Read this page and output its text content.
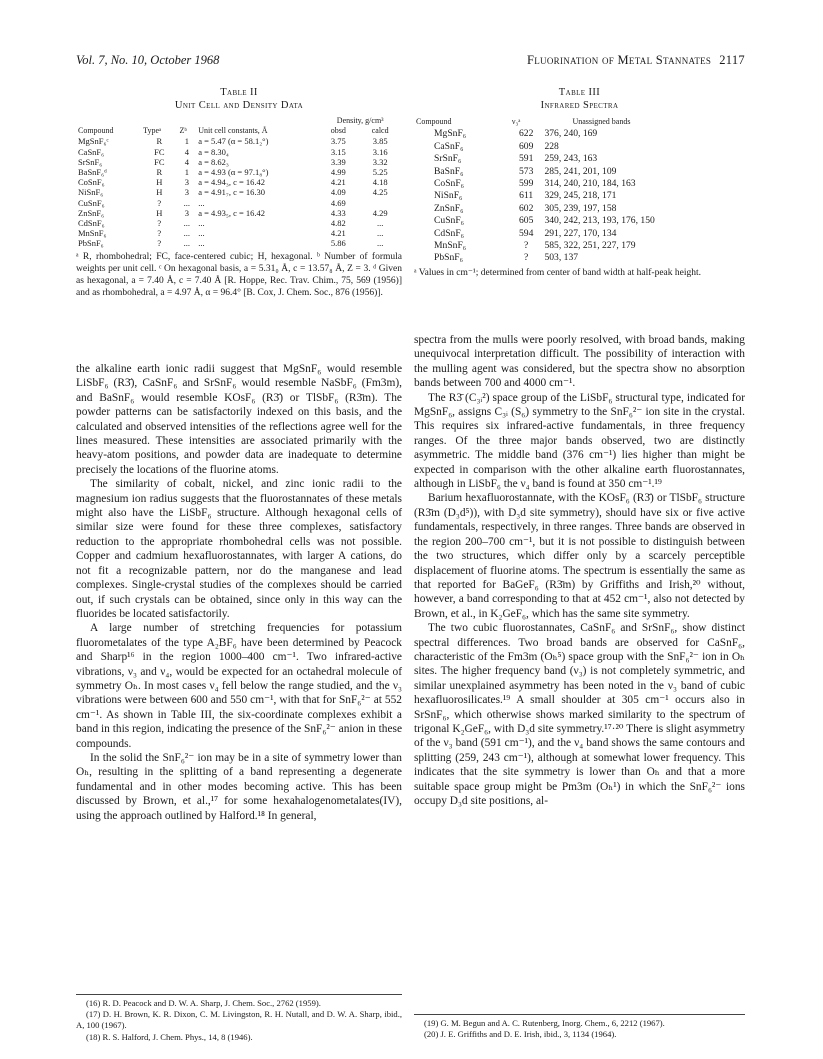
Vol. 7, No. 10, October 1968	Fluorination of Metal Stannates 2117
Table II
Unit Cell and Density Data
				Density, g/cm³	
Compound	Typeᵃ	Zᵇ	Unit cell constants, Å	obsd	calcd
MgSnF₆ᶜ	R	1	a = 5.47 (α = 58.1₂°)	3.75	3.85
CaSnF₆	FC	4	a = 8.30₄	3.15	3.16
SrSnF₆	FC	4	a = 8.62₃	3.39	3.32
BaSnF₆ᵈ	R	1	a = 4.93 (α = 97.1₈°)	4.99	5.25
CoSnF₆	H	3	a = 4.94₃, c = 16.42	4.21	4.18
NiSnF₆	H	3	a = 4.91₇, c = 16.30	4.09	4.25
CuSnF₆	?	...	...	4.69	
ZnSnF₆	H	3	a = 4.93₅, c = 16.42	4.33	4.29
CdSnF₆	?	...	...	4.82	...
MnSnF₆	?	...	...	4.21	...
PbSnF₆	?	...	...	5.86	...
ᵃ R, rhombohedral; FC, face-centered cubic; H, hexagonal. ᵇ Number of formula weights per unit cell. ᶜ On hexagonal basis, a = 5.31₀ Å, c = 13.57₈ Å, Z = 3. ᵈ Given as hexagonal, a = 7.40 Å, c = 7.40 Å [R. Hoppe, Rec. Trav. Chim., 75, 569 (1956)] and as rhombohedral, a = 4.97 Å, α = 96.4° [B. Cox, J. Chem. Soc., 876 (1956)].
Table III
Infrared Spectra
Compound	ν₃ᵃ	Unassigned bands
MgSnF₆	622	376, 240, 169
CaSnF₆	609	228
SrSnF₆	591	259, 243, 163
BaSnF₆	573	285, 241, 201, 109
CoSnF₆	599	314, 240, 210, 184, 163
NiSnF₆	611	329, 245, 218, 171
ZnSnF₆	602	305, 239, 197, 158
CuSnF₆	605	340, 242, 213, 193, 176, 150
CdSnF₆	594	291, 227, 170, 134
MnSnF₆	?	585, 322, 251, 227, 179
PbSnF₆	?	503, 137
ᵃ Values in cm⁻¹; determined from center of band width at half-peak height.

the alkaline earth ionic radii suggest that MgSnF₆ would resemble LiSbF₆ (R3̄), CaSnF₆ and SrSnF₆ would resemble NaSbF₆ (Fm3m), and BaSnF₆ would resemble KOsF₆ (R3̄) or TlSbF₆ (R3̄m). The powder patterns can be satisfactorily indexed on this basis, and the calculated and observed intensities of the reflections agree well for the lines measured. These intensities are associated primarily with the heavy-atom positions, and powder data are inadequate to determine precisely the locations of the fluorine atoms.

The similarity of cobalt, nickel, and zinc ionic radii to the magnesium ion radius suggests that the fluorostannates of these metals might also have the LiSbF₆ structure. Although hexagonal cells of similar size were found for these three complexes, satisfactory reduction to the appropriate rhombohedral cells was not possible. Copper and cadmium hexafluorostannates, with larger A cations, do not fit a recognizable pattern, nor do the manganese and lead complexes. Single-crystal studies of the complexes should be carried out, if such crystals can be obtained, since only in this way can the fluorides be located satisfactorily.

A large number of stretching frequencies for potassium fluorometalates of the type A₂BF₆ have been determined by Peacock and Sharp¹⁶ in the region 1000–400 cm⁻¹. Two infrared-active vibrations, ν₃ and ν₄, would be expected for an octahedral molecule of symmetry Oₕ. In most cases ν₄ fell below the range studied, and the ν₃ vibrations were between 600 and 550 cm⁻¹, with that for SnF₆²⁻ at 552 cm⁻¹. As shown in Table III, the six-coordinate complexes exhibit a band in this region, indicating the presence of the SnF₆²⁻ anion in these compounds.

In the solid the SnF₆²⁻ ion may be in a site of symmetry lower than Oₕ, resulting in the splitting of a band representing a degenerate fundamental and in other modes becoming active. This has been discussed by Brown, et al.,¹⁷ for some hexahalogenometalates(IV), using the approach outlined by Halford.¹⁸ In general,

spectra from the mulls were poorly resolved, with broad bands, making unequivocal interpretation difficult. The possibility of interaction with the mulling agent was considered, but the spectra show no absorption bands between 700 and 4000 cm⁻¹.

The R3̄ (C₃ᵢ²) space group of the LiSbF₆ structural type, indicated for MgSnF₆, assigns C₃ᵢ (S₆) symmetry to the SnF₆²⁻ ion site in the crystal. This requires six infrared-active fundamentals, in three frequency ranges. Of the three major bands observed, two are distinctly asymmetric. The middle band (376 cm⁻¹) lies higher than might be expected in comparison with the other alkaline earth fluorostannates, although in LiSbF₆ the ν₄ band is found at 350 cm⁻¹.¹⁹

Barium hexafluorostannate, with the KOsF₆ (R3̄) or TlSbF₆ structure (R3̄m (D₃d⁵)), with D₃d site symmetry), should have six or five active fundamentals, respectively, in three ranges. Three bands are observed in the region 200–700 cm⁻¹, but it is not possible to distinguish between the two structures, which differ only by a scarcely perceptible displacement of fluorine atoms. The spectrum is essentially the same as that reported for BaGeF₆ (R3̄m) by Griffiths and Irish,²⁰ without, however, a band corresponding to that at 452 cm⁻¹, also not detected by Brown, et al., in K₂GeF₆, which has the same site symmetry.

The two cubic fluorostannates, CaSnF₆ and SrSnF₆, show distinct spectral differences. Two broad bands are observed for CaSnF₆, characteristic of the Fm3m (Oₕ⁵) space group with the SnF₆²⁻ ion in Oₕ sites. The higher frequency band (ν₃) is not completely symmetric, and similar unexplained asymmetry has been noted in the ν₃ band of cubic hexafluorosilicates.¹⁹ A small shoulder at 305 cm⁻¹ occurs also in SrSnF₆, which otherwise shows marked similarity to the spectrum of trigonal K₂GeF₆, with D₃d site symmetry.¹⁷·²⁰ There is slight asymmetry of the ν₃ band (591 cm⁻¹), and the ν₄ band shows the same contours and splitting (259, 243 cm⁻¹), although at somewhat lower frequency. This indicates that the site symmetry is lower than Oₕ and that a more suitable space group might be Pm3m (Oₕ¹) in which the SnF₆²⁻ ions occupy D₃d site positions, al-

(16) R. D. Peacock and D. W. A. Sharp, J. Chem. Soc., 2762 (1959).
(17) D. H. Brown, K. R. Dixon, C. M. Livingston, R. H. Nutall, and D. W. A. Sharp, ibid., A, 100 (1967).
(18) R. S. Halford, J. Chem. Phys., 14, 8 (1946).
(19) G. M. Begun and A. C. Rutenberg, Inorg. Chem., 6, 2212 (1967).
(20) J. E. Griffiths and D. E. Irish, ibid., 3, 1134 (1964).
